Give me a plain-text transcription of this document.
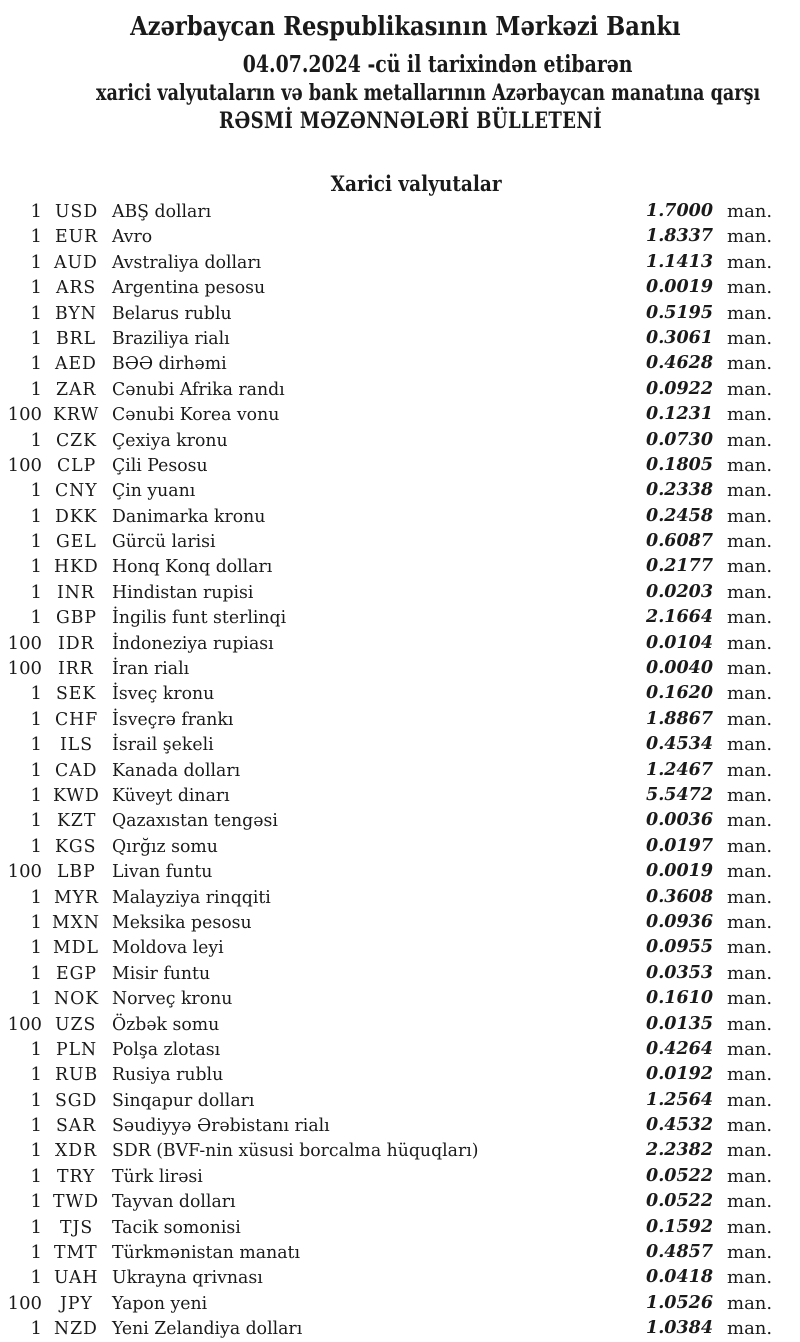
Azərbaycan Respublikasının Mərkəzi Bankı
04.07.2024 -cü il tarixindən etibarən
xarici valyutaların və bank metallarının Azərbaycan manatına qarşı
RƏSMİ MƏZƏNNƏLƏRİ BÜLLETENİ
Xarici valyutalar
1 USD ABŞ dolları	1.7000 man.
1 EUR Avro	1.8337 man.
1 AUD Avstraliya dolları	1.1413 man.
1 ARS Argentina pesosu	0.0019 man.
1 BYN Belarus rublu	0.5195 man.
1 BRL Braziliya rialı	0.3061 man.
1 AED BƏƏ dirhəmi	0.4628 man.
1 ZAR Cənubi Afrika randı	0.0922 man.
100 KRW Cənubi Korea vonu	0.1231 man.
1 CZK Çexiya kronu	0.0730 man.
100 CLP Çili Pesosu	0.1805 man.
1 CNY Çin yuanı	0.2338 man.
1 DKK Danimarka kronu	0.2458 man.
1 GEL Gürcü larisi	0.6087 man.
1 HKD Honq Konq dolları	0.2177 man.
1 INR Hindistan rupisi	0.0203 man.
1 GBP İngilis funt sterlinqi	2.1664 man.
100 IDR İndoneziya rupiası	0.0104 man.
100 IRR İran rialı	0.0040 man.
1 SEK İsveç kronu	0.1620 man.
1 CHF İsveçrə frankı	1.8867 man.
1 ILS	İsrail şekeli	0.4534 man.
1 CAD Kanada dolları	1.2467 man.
1 KWD Küveyt dinarı	5.5472 man.
1 KZT Qazaxıstan tengəsi	0.0036 man.
1 KGS Qırğız somu	0.0197 man.
100 LBP Livan funtu	0.0019 man.
1 MYR Malayziya rinqqiti	0.3608 man.
1 MXN Meksika pesosu	0.0936 man.
1 MDL Moldova leyi	0.0955 man.
1 EGP Misir funtu	0.0353 man.
1 NOK Norveç kronu	0.1610 man.
100 UZS Özbək somu	0.0135 man.
1 PLN Polşa zlotası	0.4264 man.
1 RUB Rusiya rublu	0.0192 man.
1 SGD Sinqapur dolları	1.2564 man.
1 SAR Səudiyyə Ərəbistanı rialı	0.4532 man.
1 XDR SDR (BVF-nin xüsusi borcalma hüquqları)	2.2382 man.
1 TRY Türk lirəsi	0.0522 man.
1 TWD Tayvan dolları	0.0522 man.
1 TJS	Tacik somonisi	0.1592 man.
1 TMT Türkmənistan manatı	0.4857 man.
1 UAH Ukrayna qrivnası	0.0418 man.
100 JPY	Yapon yeni	1.0526 man.
1 NZD Yeni Zelandiya dolları	1.0384 man.
